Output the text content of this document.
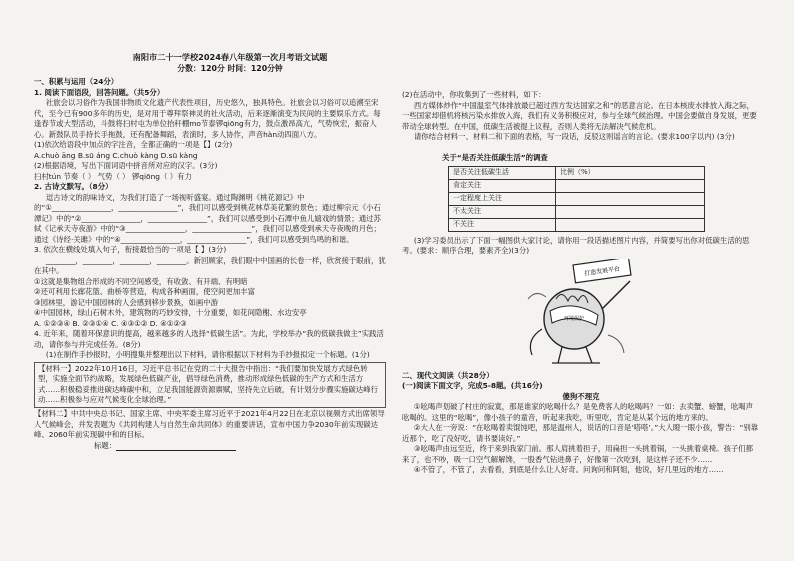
南阳市二十一学校2024春八年级第一次月考语文试题
分数：120分 时间：120分钟

一、积累与运用（24分）

1. 阅读下面语段，回答问题。（共5分）

社旅会以习俗作为我国非物质文化遗产代表性项目，历史悠久，独具特色。社旅会以习俗可以追溯至宋代，至今已有900多年的历史，是对用于尊拜祭神灵的社火活动，后来逐渐演变为民间的主要娱乐方式。每逢春节或大型活动，斗鼓将扫村屯为单位抬秆棚mo节泰锣qiōng有力，鼓点激昂高亢，气势恢宏，振奋人心。新鼓队员手持长手拖鼓，还有配备舞蹈，表演时，多人协作，声音hàn动四面八方。

(1)依次给语段中加点的字注音，全都正确的一项是【】(2分)

A.chuò āng B.sū áng C.chuò kàng D.sū kàng

(2)根据语境，写出下面词语中拼音所对应的汉字。(3分)

扫村tún 节奏（ ） 气势（ ） 锣qiōng（ ）有力

2. 古诗文默写。（8分）

逗古诗文的韵味诗文，为我们打造了一场视听盛宴。通过陶渊明《桃花源记》中的“①________________，________________”，我们可以感受到桃花林草美花繁的景色；通过柳宗元《小石潭记》中的“②________________，________________”，我们可以感受到小石潭中鱼儿嬉戏的情景；通过苏轼《记承天寺夜游》中的“③________________，________________”，我们可以感受到承天寺夜晚的月色；通过《诗经·关雎》中的“④________________，________________”，我们可以感受到鸟鸣的和谐。

3. 依次在横线处填入句子，衔接最恰当的一项是【 】(3分)

________，________，________，________。新回顾家，我们眼中中国画的长卷一样，欣赏接于眼前，犹在其中。

①这就是集物组合形成的不同空间感受，有收敛、有开端、有明暗

②还可利用长廊花篮、曲桥等营造，构成各种画面，使空间更加丰富

③园林里，游记中国园林的人会感到移步景换，如画中游

④中国园林，绿山石树木外，建筑物的巧妙安排，十分重要，如花间隐榭、水边安亭

A. ①②③④ B. ②③①④ C. ④③①② D. ④①②③

4. 近年来，随着环保意识的提高，越来越多的人选择“低碳生活”。为此，学校举办“我的低碳我做主”实践活动，请你参与并完成任务。(8分)

(1)在制作手抄报时，小明搜集并整理出以下材料，请你根据以下材料为手抄报拟定一个标题。(1分)

【材料一】2022年10月16日，习近平总书记在党的二十大报告中指出：“我们要加快发展方式绿色转型，实施全面节约战略，发展绿色低碳产业，倡导绿色消费，推动形成绿色低碳的生产方式和生活方式……积极稳妥推进碳达峰碳中和，立足我国能源资源禀赋，坚持先立后破，有计划分步骤实施碳达峰行动……积极参与应对气候变化全球治理。”

【材料二】中共中央总书记、国家主席、中央军委主席习近平于2021年4月22日在北京以视频方式出席领导人气候峰会，并发表题为《共同构建人与自然生命共同体》的重要讲话，宣布中国力争2030年前实现碳达峰、2060年前实现碳中和的目标。

标题：

(2)在活动中，你收集到了一些材料，如下：

西方媒体炒作“中国温室气体排放最已超过西方发达国家之和”的恶意言论。在日本核废水排放入海之际，一些国家却借机将核污染水排放入海，我们有义务积极应对，参与全球气候治理。中国会要做自身发展，更要带动全球转型。在中国，低碳生活被提上议程，否则人类将无法解决气候危机。

请你结合材料一、材料二和下面的表格，写一段话，反驳这则谣言的言论。(要求100字以内) (3分)

关于“是否关注低碳生活”的调查

是否关注低碳生活	比例（%）
肯定关注	
一定程度上关注	
不太关注	
不关注	

(3)学习委员出示了下面一幅图供大家讨论，请你用一段话描述图片内容，并简要写出你对低碳生活的思考。(要求：顺序合理，要素齐全)(3分)

打造发展平台
环境保护

二、现代文阅读（共28分）

(一)阅读下面文字，完成5-8题。(共16分)

傻狗不理克

①吆喝声划破了村庄的寂寞，那是谁家的吆喝什么？是免费客人的吆喝吗？一如：去卖蟹、螃蟹，吆喝声吆喝的。这里的“吆喝”，像小孩子的童音，听起来我吃，听里吃，肯定是从某个远的地方来的。

②大人在一旁说：“在吆喝着卖馄饨吧，那是温州人，说话的口音是‘嗒嗒’。”大人瞪一眼小孩，警告：“别靠近那个，吃了没好吃，请书要读好。”

③吆喝声由远至近，终于来到我家门前。那人肩挑着担子，用扁担一头挑着锅，一头挑着桌椅。孩子们都来了，也不吵，吸一口空气解解馋，一股香气钻进鼻子，好像第一次吃到，是这样子还不少……

④不管了，不管了，去看看，到底是什么让人好奇。问询问和阿姐，他说，好几里远的地方……
